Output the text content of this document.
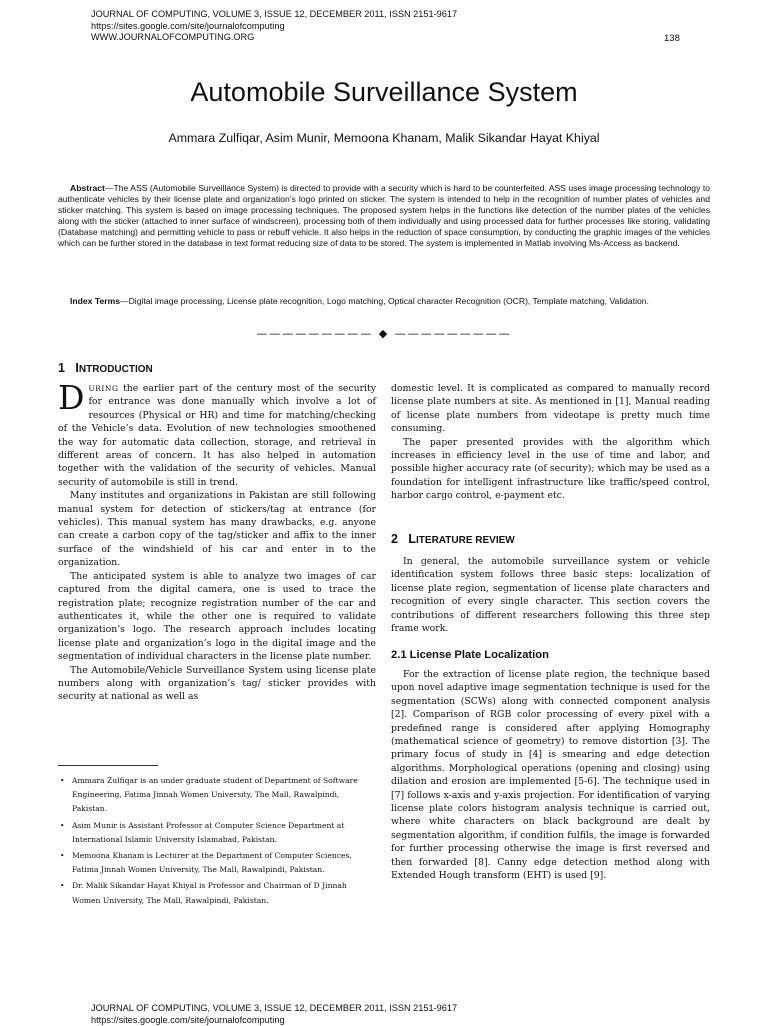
JOURNAL OF COMPUTING, VOLUME 3, ISSUE 12, DECEMBER 2011, ISSN 2151-9617
https://sites.google.com/site/journalofcomputing
WWW.JOURNALOFCOMPUTING.ORG	138
Automobile Surveillance System
Ammara Zulfiqar, Asim Munir, Memoona Khanam, Malik Sikandar Hayat Khiyal
Abstract—The ASS (Automobile Surveillance System) is directed to provide with a security which is hard to be counterfeited. ASS uses image processing technology to authenticate vehicles by their license plate and organization’s logo printed on sticker. The system is intended to help in the recognition of number plates of vehicles and sticker matching. This system is based on image processing techniques. The proposed system helps in the functions like detection of the number plates of the vehicles along with the sticker (attached to inner surface of windscreen), processing both of them individually and using processed data for further processes like storing, validating (Database matching) and permitting vehicle to pass or rebuff vehicle. It also helps in the reduction of space consumption, by conducting the graphic images of the vehicles which can be further stored in the database in text format reducing size of data to be stored. The system is implemented in Matlab involving Ms-Access as backend.
Index Terms—Digital image processing, License plate recognition, Logo matching, Optical character Recognition (OCR), Template matching, Validation.
————————— ◆ —————————
1 INTRODUCTION

DURING the earlier part of the century most of the security for entrance was done manually which involve a lot of resources (Physical or HR) and time for matching/checking of the Vehicle’s data. Evolution of new technologies smoothened the way for automatic data collection, storage, and retrieval in different areas of concern. It has also helped in automation together with the validation of the security of vehicles. Manual security of automobile is still in trend.

Many institutes and organizations in Pakistan are still following manual system for detection of stickers/tag at entrance (for vehicles). This manual system has many drawbacks, e.g. anyone can create a carbon copy of the tag/sticker and affix to the inner surface of the windshield of his car and enter in to the organization.

The anticipated system is able to analyze two images of car captured from the digital camera, one is used to trace the registration plate; recognize registration number of the car and authenticates it, while the other one is required to validate organization’s logo. The research approach includes locating license plate and organization’s logo in the digital image and the segmentation of individual characters in the license plate number.

The Automobile/Vehicle Surveillance System using license plate numbers along with organization’s tag/ sticker provides with security at national as well as

• Ammara Zulfiqar is an under graduate student of Department of Software Engineering, Fatima Jinnah Women University, The Mall, Rawalpindi, Pakistan.
• Asim Munir is Assistant Professor at Computer Science Department at International Islamic University Islamabad, Pakistan.
• Memoona Khanam is Lecturer at the Department of Computer Sciences, Fatima Jinnah Women University, The Mall, Rawalpindi, Pakistan.
• Dr. Malik Sikandar Hayat Khiyal is Professor and Chairman of D Jinnah Women University, The Mall, Rawalpindi, Pakistan.

domestic level. It is complicated as compared to manually record license plate numbers at site. As mentioned in [1], Manual reading of license plate numbers from videotape is pretty much time consuming.

The paper presented provides with the algorithm which increases in efficiency level in the use of time and labor, and possible higher accuracy rate (of security); which may be used as a foundation for intelligent infrastructure like traffic/speed control, harbor cargo control, e-payment etc.

2 LITERATURE REVIEW

In general, the automobile surveillance system or vehicle identification system follows three basic steps: localization of license plate region, segmentation of license plate characters and recognition of every single character. This section covers the contributions of different researchers following this three step frame work.

2.1 License Plate Localization

For the extraction of license plate region, the technique based upon novel adaptive image segmentation technique is used for the segmentation (SCWs) along with connected component analysis [2]. Comparison of RGB color processing of every pixel with a predefined range is considered after applying Homography (mathematical science of geometry) to remove distortion [3]. The primary focus of study in [4] is smearing and edge detection algorithms. Morphological operations (opening and closing) using dilation and erosion are implemented [5-6]. The technique used in [7] follows x-axis and y-axis projection. For identification of varying license plate colors histogram analysis technique is carried out, where white characters on black background are dealt by segmentation algorithm, if condition fulfils, the image is forwarded for further processing otherwise the image is first reversed and then forwarded [8]. Canny edge detection method along with Extended Hough transform (EHT) is used [9].

JOURNAL OF COMPUTING, VOLUME 3, ISSUE 12, DECEMBER 2011, ISSN 2151-9617
https://sites.google.com/site/journalofcomputing
